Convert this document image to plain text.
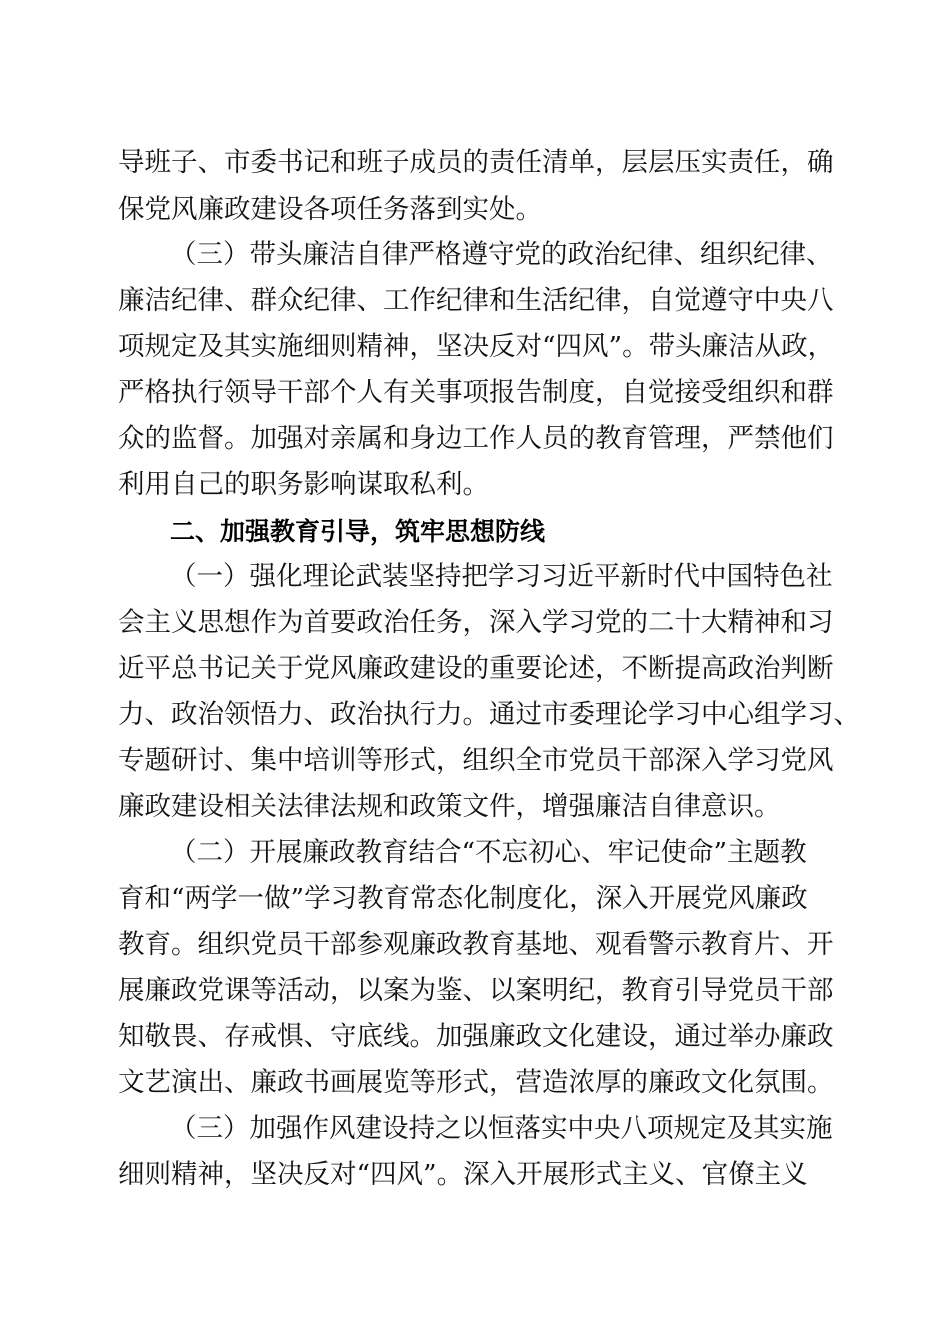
导班子、市委书记和班子成员的责任清单，层层压实责任，确
保党风廉政建设各项任务落到实处。
（三）带头廉洁自律严格遵守党的政治纪律、组织纪律、
廉洁纪律、群众纪律、工作纪律和生活纪律，自觉遵守中央八
项规定及其实施细则精神，坚决反对“四风”。带头廉洁从政，
严格执行领导干部个人有关事项报告制度，自觉接受组织和群
众的监督。加强对亲属和身边工作人员的教育管理，严禁他们
利用自己的职务影响谋取私利。
二、加强教育引导，筑牢思想防线
（一）强化理论武装坚持把学习习近平新时代中国特色社
会主义思想作为首要政治任务，深入学习党的二十大精神和习
近平总书记关于党风廉政建设的重要论述，不断提高政治判断
力、政治领悟力、政治执行力。通过市委理论学习中心组学习、
专题研讨、集中培训等形式，组织全市党员干部深入学习党风
廉政建设相关法律法规和政策文件，增强廉洁自律意识。
（二）开展廉政教育结合“不忘初心、牢记使命”主题教
育和“两学一做”学习教育常态化制度化，深入开展党风廉政
教育。组织党员干部参观廉政教育基地、观看警示教育片、开
展廉政党课等活动，以案为鉴、以案明纪，教育引导党员干部
知敬畏、存戒惧、守底线。加强廉政文化建设，通过举办廉政
文艺演出、廉政书画展览等形式，营造浓厚的廉政文化氛围。
（三）加强作风建设持之以恒落实中央八项规定及其实施
细则精神，坚决反对“四风”。深入开展形式主义、官僚主义
